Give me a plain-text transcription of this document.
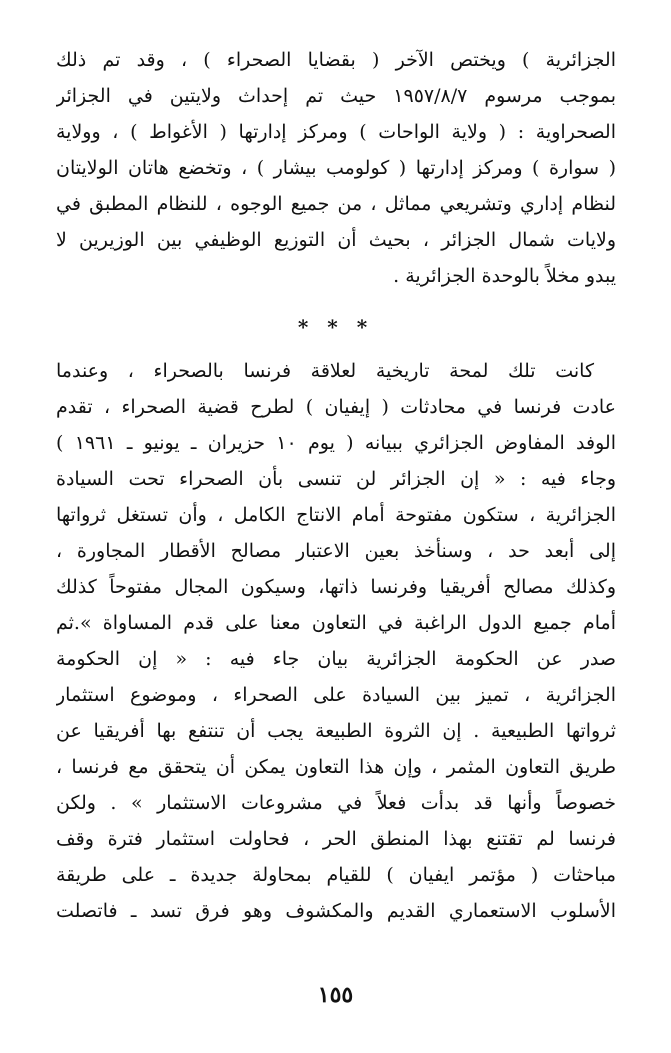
الجزائرية ) ويختص الآخر ( بقضايا الصحراء ) ، وقد تم ذلك
بموجب مرسوم ١٩٥٧/٨/٧ حيث تم إحداث ولايتين في الجزائر
الصحراوية : ( ولاية الواحات ) ومركز إدارتها ( الأغواط ) ، وولاية
( سوارة ) ومركز إدارتها ( كولومب بيشار ) ، وتخضع هاتان الولايتان
لنظام إداري وتشريعي مماثل ، من جميع الوجوه ، للنظام المطبق في
ولايات شمال الجزائر ، بحيث أن التوزيع الوظيفي بين الوزيرين لا
يبدو مخلاً بالوحدة الجزائرية .
* * *
كانت تلك لمحة تاريخية لعلاقة فرنسا بالصحراء ، وعندما
عادت فرنسا في محادثات ( إيفيان ) لطرح قضية الصحراء ، تقدم
الوفد المفاوض الجزائري ببيانه ( يوم ١٠ حزيران ـ يونيو ـ ١٩٦١ )
وجاء فيه : « إن الجزائر لن تنسى بأن الصحراء تحت السيادة
الجزائرية ، ستكون مفتوحة أمام الانتاج الكامل ، وأن تستغل ثرواتها
إلى أبعد حد ، وسنأخذ بعين الاعتبار مصالح الأقطار المجاورة ،
وكذلك مصالح أفريقيا وفرنسا ذاتها، وسيكون المجال مفتوحاً كذلك
أمام جميع الدول الراغبة في التعاون معنا على قدم المساواة ».ثم
صدر عن الحكومة الجزائرية بيان جاء فيه : « إن الحكومة
الجزائرية ، تميز بين السيادة على الصحراء ، وموضوع استثمار
ثرواتها الطبيعية . إن الثروة الطبيعة يجب أن تنتفع بها أفريقيا عن
طريق التعاون المثمر ، وإن هذا التعاون يمكن أن يتحقق مع فرنسا ،
خصوصاً وأنها قد بدأت فعلاً في مشروعات الاستثمار » . ولكن
فرنسا لم تقتنع بهذا المنطق الحر ، فحاولت استثمار فترة وقف
مباحثات ( مؤتمر ايفيان ) للقيام بمحاولة جديدة ـ على طريقة
الأسلوب الاستعماري القديم والمكشوف وهو فرق تسد ـ فاتصلت
١٥٥
